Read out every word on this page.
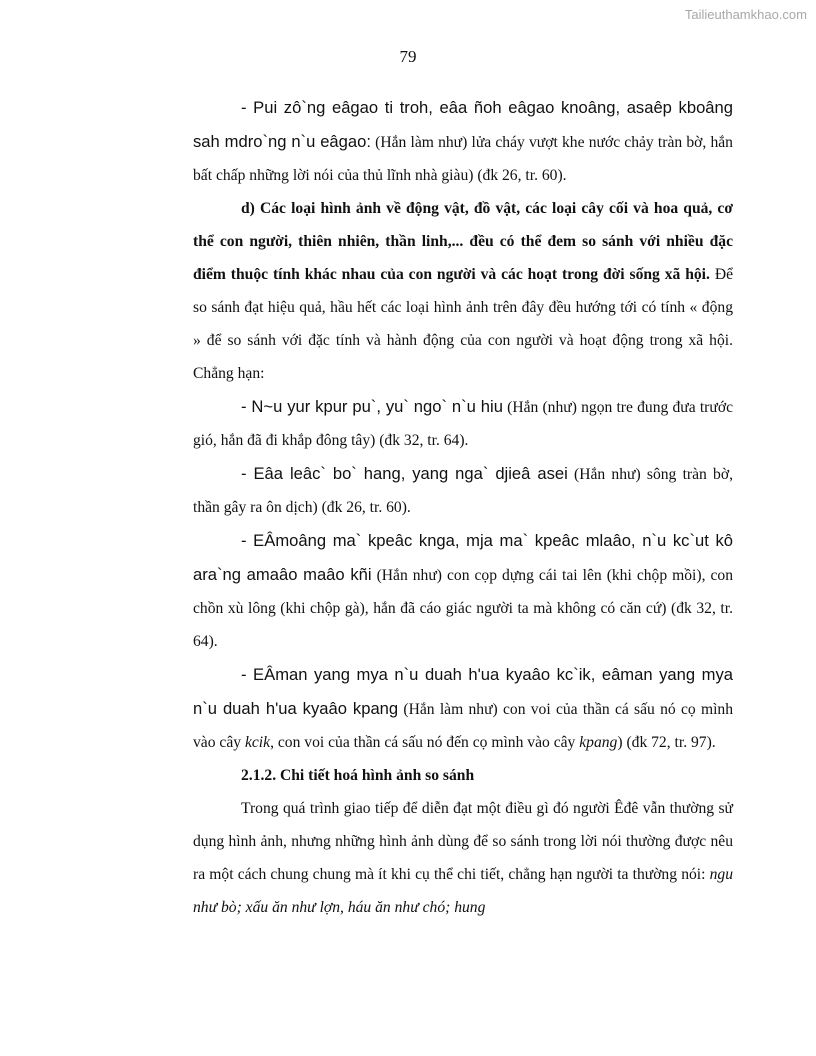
Tailieuthamkhao.com
79

- Pui zô`ng eâgao ti troh, eâa ñoh eâgao knoâng, asaêp kboâng sah mdro`ng n`u eâgao: (Hắn làm như) lửa cháy vượt khe nước chảy tràn bờ, hắn bất chấp những lời nói của thủ lĩnh nhà giàu) (đk 26, tr. 60).

d) Các loại hình ảnh về động vật, đồ vật, các loại cây cối và hoa quả, cơ thể con người, thiên nhiên, thần linh,... đều có thể đem so sánh với nhiều đặc điểm thuộc tính khác nhau của con người và các hoạt trong đời sống xã hội. Để so sánh đạt hiệu quả, hầu hết các loại hình ảnh trên đây đều hướng tới có tính « động » để so sánh với đặc tính và hành động của con người và hoạt động trong xã hội. Chẳng hạn:

- N~u yur kpur pu`, yu` ngo` n`u hiu (Hắn (như) ngọn tre đung đưa trước gió, hắn đã đi khắp đông tây) (đk 32, tr. 64).

- Eâa leâc` bo` hang, yang nga` djieâ asei (Hắn như) sông tràn bờ, thần gây ra ôn dịch) (đk 26, tr. 60).

- EÂmoâng ma` kpeâc knga, mja ma` kpeâc mlaâo, n`u kc`ut kô ara`ng amaâo maâo kñi (Hắn như) con cọp dựng cái tai lên (khi chộp mồi), con chồn xù lông (khi chộp gà), hắn đã cáo giác người ta mà không có căn cứ) (đk 32, tr. 64).

- EÂman yang mya n`u duah h'ua kyaâo kc`ik, eâman yang mya n`u duah h'ua kyaâo kpang (Hắn làm như) con voi của thần cá sấu nó cọ mình vào cây kcik, con voi của thần cá sấu nó đến cọ mình vào cây kpang) (đk 72, tr. 97).

2.1.2. Chi tiết hoá hình ảnh so sánh

Trong quá trình giao tiếp để diễn đạt một điều gì đó người Êđê vẫn thường sử dụng hình ảnh, nhưng những hình ảnh dùng để so sánh trong lời nói thường được nêu ra một cách chung chung mà ít khi cụ thể chi tiết, chẳng hạn người ta thường nói: ngu như bò; xấu ăn như lợn, háu ăn như chó; hung
